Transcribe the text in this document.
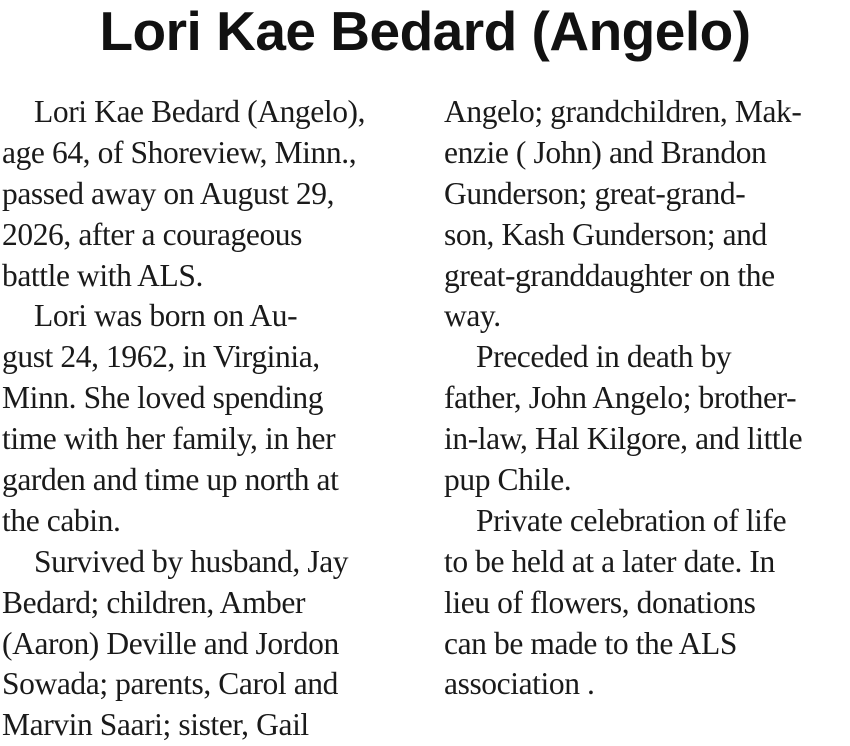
Lori Kae Bedard (Angelo)
Lori Kae Bedard (Angelo),
age 64, of Shoreview, Minn.,
passed away on August 29,
2026, after a courageous
battle with ALS.
Lori was born on Au-
gust 24, 1962, in Virginia,
Minn. She loved spending
time with her family, in her
garden and time up north at
the cabin.
Survived by husband, Jay
Bedard; children, Amber
(Aaron) Deville and Jordon
Sowada; parents, Carol and
Marvin Saari; sister, Gail
Angelo; grandchildren, Mak-
enzie ( John) and Brandon
Gunderson; great-grand-
son, Kash Gunderson; and
great-granddaughter on the
way.
Preceded in death by
father, John Angelo; brother-
in-law, Hal Kilgore, and little
pup Chile.
Private celebration of life
to be held at a later date. In
lieu of flowers, donations
can be made to the ALS
association .
